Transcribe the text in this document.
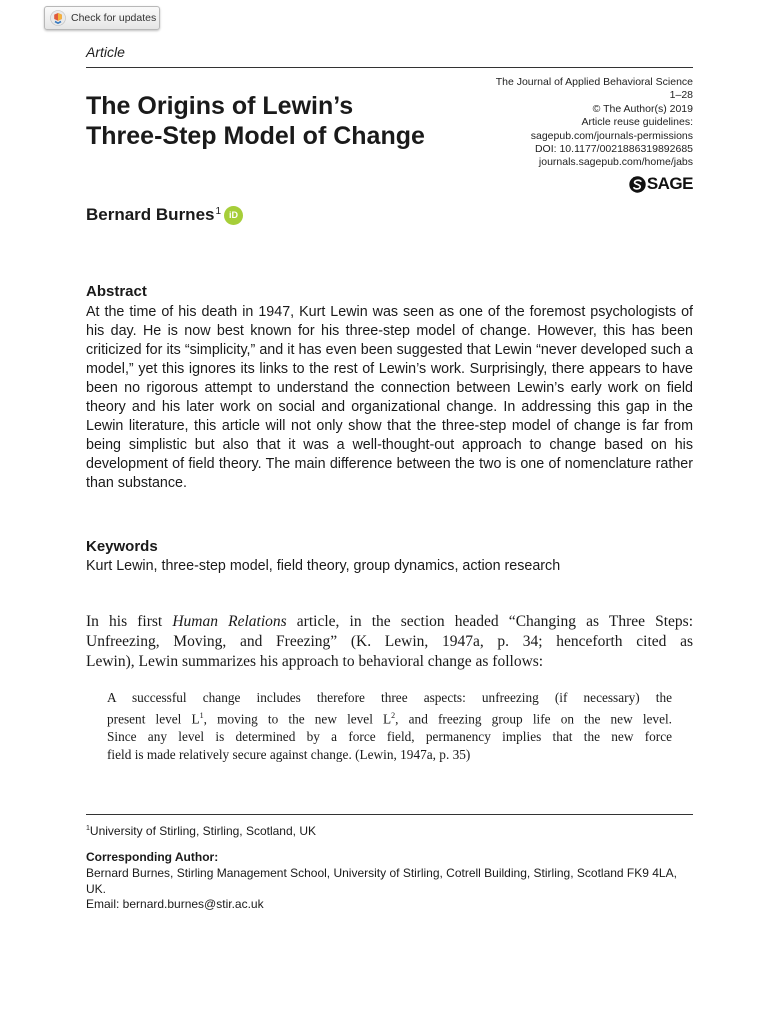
Check for updates
Article
The Origins of Lewin’s
Three-Step Model of Change
The Journal of Applied Behavioral Science
1–28
© The Author(s) 2019
Article reuse guidelines:
sagepub.com/journals-permissions
DOI: 10.1177/0021886319892685
journals.sagepub.com/home/jabs
SAGE
Bernard Burnes$^1$ iD
Abstract

At the time of his death in 1947, Kurt Lewin was seen as one of the foremost psychologists of his day. He is now best known for his three-step model of change. However, this has been criticized for its “simplicity,” and it has even been suggested that Lewin “never developed such a model,” yet this ignores its links to the rest of Lewin’s work. Surprisingly, there appears to have been no rigorous attempt to understand the connection between Lewin’s early work on field theory and his later work on social and organizational change. In addressing this gap in the Lewin literature, this article will not only show that the three-step model of change is far from being simplistic but also that it was a well-thought-out approach to change based on his development of field theory. The main difference between the two is one of nomenclature rather than substance.

Keywords
Kurt Lewin, three-step model, field theory, group dynamics, action research

In his first Human Relations article, in the section headed “Changing as Three Steps:
Unfreezing, Moving, and Freezing” (K. Lewin, 1947a, p. 34; henceforth cited as
Lewin), Lewin summarizes his approach to behavioral change as follows:

A successful change includes therefore three aspects: unfreezing (if necessary) the
present level $L^1$, moving to the new level $L^2$, and freezing group life on the new level.
Since any level is determined by a force field, permanency implies that the new force
field is made relatively secure against change. (Lewin, 1947a, p. 35)
$^1$University of Stirling, Stirling, Scotland, UK
Corresponding Author:

Bernard Burnes, Stirling Management School, University of Stirling, Cotrell Building, Stirling, Scotland FK9 4LA, UK.

Email: bernard.burnes@stir.ac.uk
